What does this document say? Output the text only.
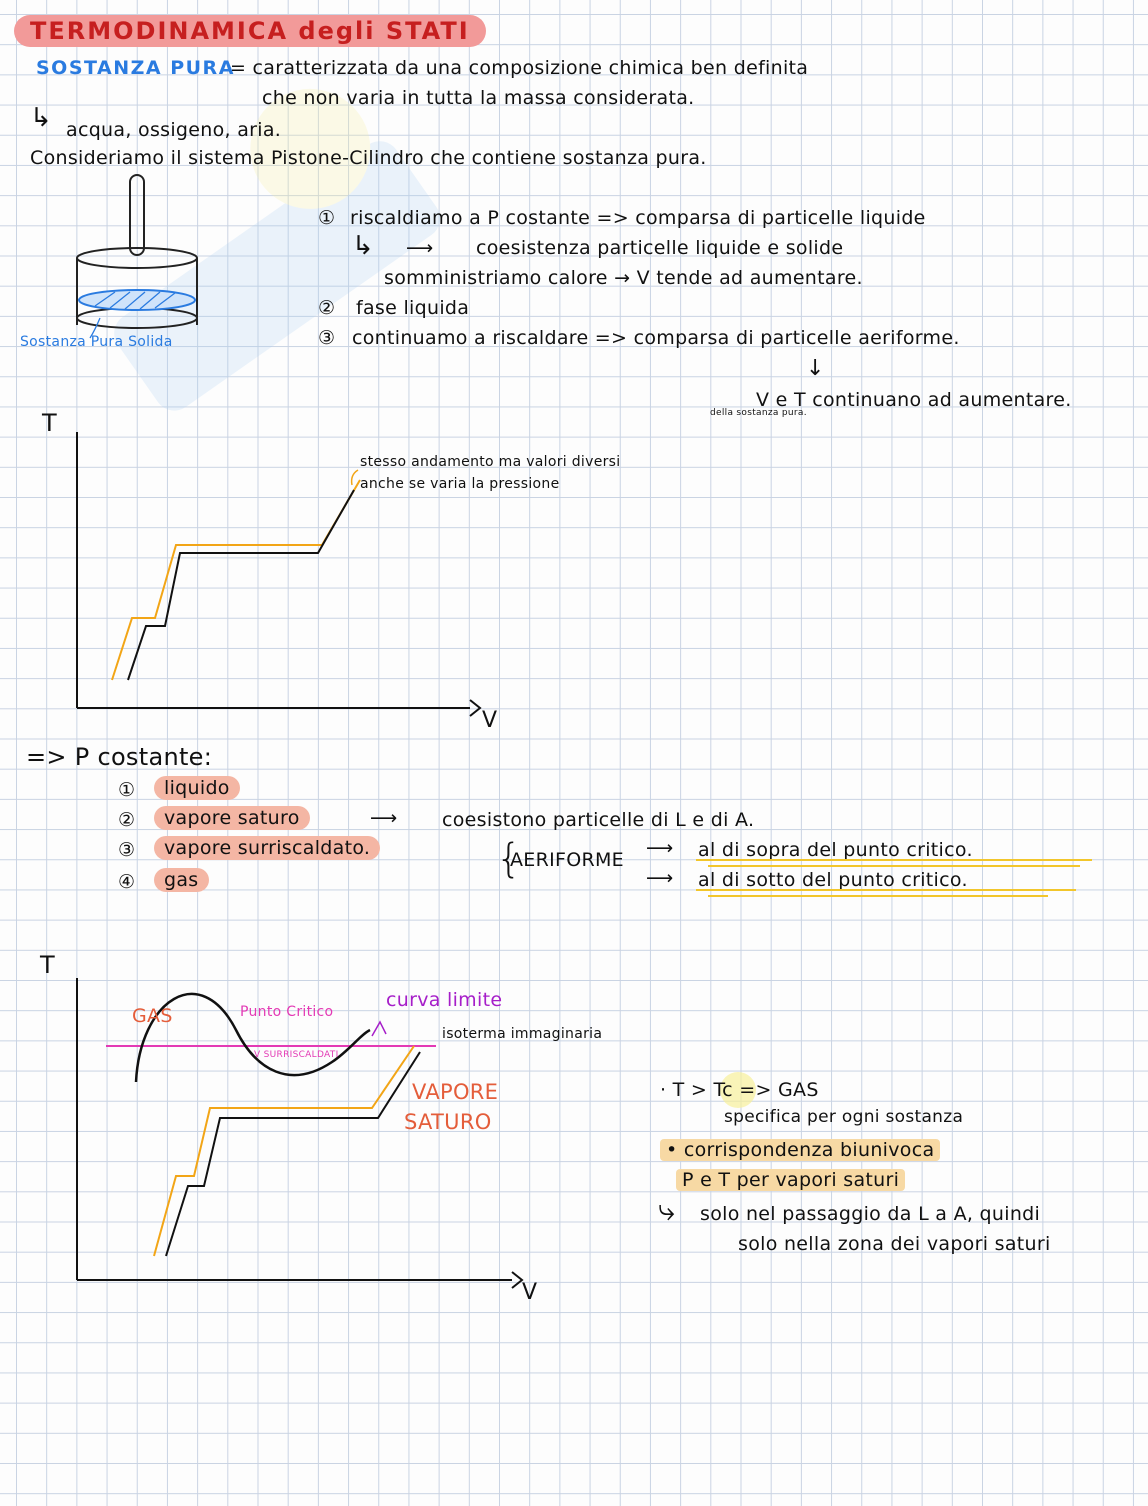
TERMODINAMICA degli STATI
SOSTANZA PURA
= caratterizzata da una composizione chimica ben definita
che non varia in tutta la massa considerata.
↳ acqua, ossigeno, aria.
Consideriamo il sistema Pistone-Cilindro che contiene sostanza pura.
Sostanza Pura Solida
① riscaldiamo a P costante => comparsa di particelle liquide
↳ ⟶ coesistenza particelle liquide e solide
somministriamo calore → V tende ad aumentare.
② fase liquida
③ continuamo a riscaldare => comparsa di particelle aeriforme.
↓
V e T continuano ad aumentare.
della sostanza pura.
T
V
stesso andamento ma valori diversi
anche se varia la pressione
=> P costante:
①	liquido
②	vapore saturo
③	vapore surriscaldato.
④	gas
⟶ coesistono particelle di L e di A.
{
AERIFORME
⟶
⟶
al di sopra del punto critico.
al di sotto del punto critico.
T
V
GAS	Punto Critico
curva limite
isoterma immaginaria
V SURRISCALDATI
VAPORE
SATURO
· T > Tc => GAS
specifica per ogni sostanza
• corrispondenza biunivoca
P e T per vapori saturi
⤷ solo nel passaggio da L a A, quindi
solo nella zona dei vapori saturi
